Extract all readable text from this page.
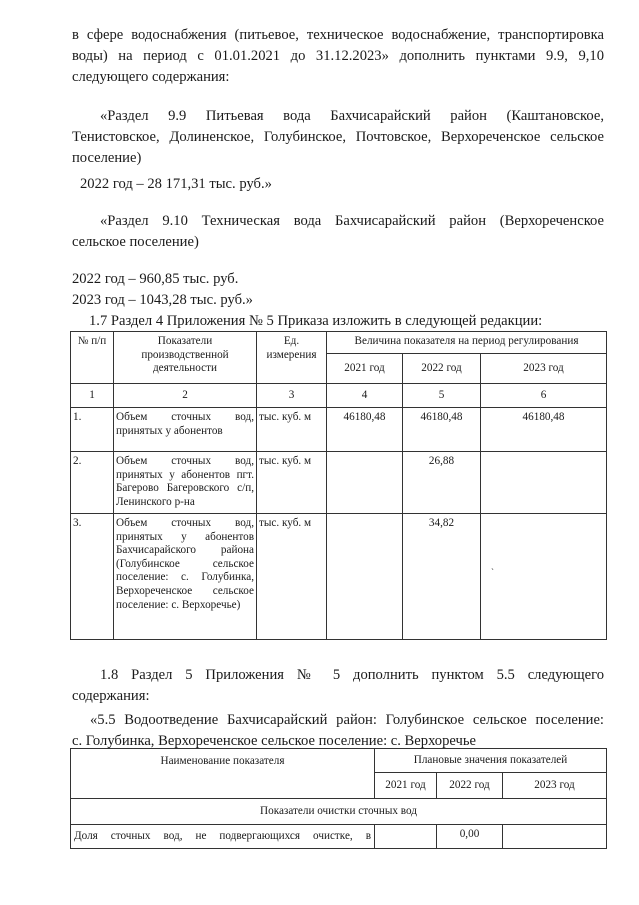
в сфере водоснабжения (питьевое, техническое водоснабжение, транспортировка

воды) на период с 01.01.2021 до 31.12.2023» дополнить пунктами 9.9, 9,10

следующего содержания:

«Раздел 9.9 Питьевая вода Бахчисарайский район (Каштановское,

Тенистовское, Долиненское, Голубинское, Почтовское, Верхореченское сельское

поселение)

2022 год – 28 171,31 тыс. руб.»

«Раздел 9.10 Техническая вода Бахчисарайский район (Верхореченское

сельское поселение)

2022 год – 960,85 тыс. руб.

2023 год – 1043,28 тыс. руб.»

1.7 Раздел 4 Приложения № 5 Приказа изложить в следующей редакции:
№ п/п	Показатели производственной деятельности	Ед. измерения	Величина показателя на период регулирования		
			2021 год	2022 год	2023 год
1	2	3	4	5	6
1.	Объем сточных вод, принятых у абонентов	тыс. куб. м	46180,48	46180,48	46180,48
2.	Объем сточных вод, принятых у абонентов пгт. Багерово Багеровского с/п, Ленинского р-на	тыс. куб. м		26,88	
3.	Объем сточных вод, принятых у абонентов Бахчисарайского района (Голубинское сельское поселение: с. Голубинка, Верхореченское сельское поселение: с. Верхоречье)	тыс. куб. м		34,82	`

1.8 Раздел 5 Приложения № 5 дополнить пунктом 5.5 следующего

содержания:

«5.5 Водоотведение Бахчисарайский район: Голубинское сельское поселение:

с. Голубинка, Верхореченское сельское поселение: с. Верхоречье

Наименование показателя	Плановые значения показателей		
	2021 год	2022 год	2023 год
Показатели очистки сточных вод			
Доля сточных вод, не подвергающихся очистке, в		0,00	
